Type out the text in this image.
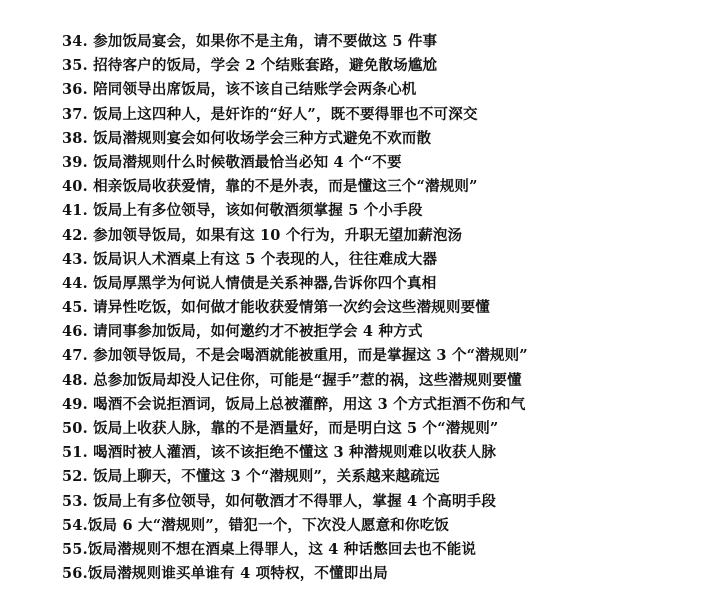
34. 参加饭局宴会，如果你不是主角，请不要做这 5 件事
35. 招待客户的饭局，学会 2 个结账套路，避免散场尴尬
36. 陪同领导出席饭局，该不该自己结账学会两条心机
37. 饭局上这四种人，是奸诈的“好人”，既不要得罪也不可深交
38. 饭局潜规则宴会如何收场学会三种方式避免不欢而散
39. 饭局潜规则什么时候敬酒最恰当必知 4 个“不要
40. 相亲饭局收获爱情，靠的不是外表，而是懂这三个“潜规则”
41. 饭局上有多位领导，该如何敬酒须掌握 5 个小手段
42. 参加领导饭局，如果有这 10 个行为，升职无望加薪泡汤
43. 饭局识人术酒桌上有这 5 个表现的人，往往难成大器
44. 饭局厚黑学为何说人情债是关系神器,告诉你四个真相
45. 请异性吃饭，如何做才能收获爱情第一次约会这些潜规则要懂
46. 请同事参加饭局，如何邀约才不被拒学会 4 种方式
47. 参加领导饭局，不是会喝酒就能被重用，而是掌握这 3 个“潜规则”
48. 总参加饭局却没人记住你，可能是“握手”惹的祸，这些潜规则要懂
49. 喝酒不会说拒酒词，饭局上总被灌醉，用这 3 个方式拒酒不伤和气
50. 饭局上收获人脉，靠的不是酒量好，而是明白这 5 个“潜规则”
51. 喝酒时被人灌酒，该不该拒绝不懂这 3 种潜规则难以收获人脉
52. 饭局上聊天，不懂这 3 个“潜规则”，关系越来越疏远
53. 饭局上有多位领导，如何敬酒才不得罪人，掌握 4 个高明手段
54.饭局 6 大“潜规则”，错犯一个，下次没人愿意和你吃饭
55.饭局潜规则不想在酒桌上得罪人，这 4 种话憋回去也不能说
56.饭局潜规则谁买单谁有 4 项特权，不懂即出局
